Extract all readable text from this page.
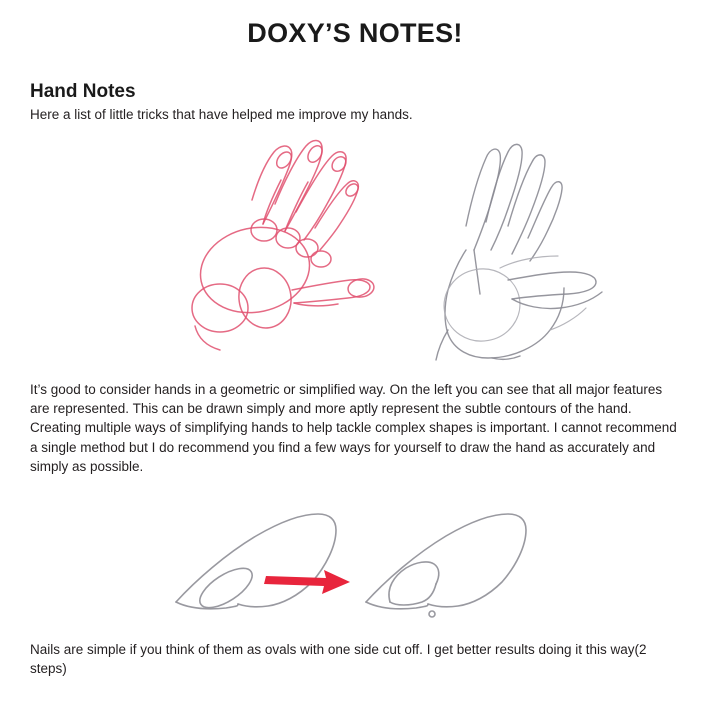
DOXY’S NOTES!
Hand Notes

Here a list of little tricks that have helped me improve my hands.

It’s good to consider hands in a geometric or simplified way. On the left you can see that all major features are represented. This can be drawn simply and more aptly represent the subtle contours of the hand. Creating multiple ways of simplifying hands to help tackle complex shapes is important. I cannot recommend a single method but I do recommend you find a few ways for yourself to draw the hand as accurately and simply as possible.

Nails are simple if you think of them as ovals with one side cut off. I get better results doing it this way(2 steps)
